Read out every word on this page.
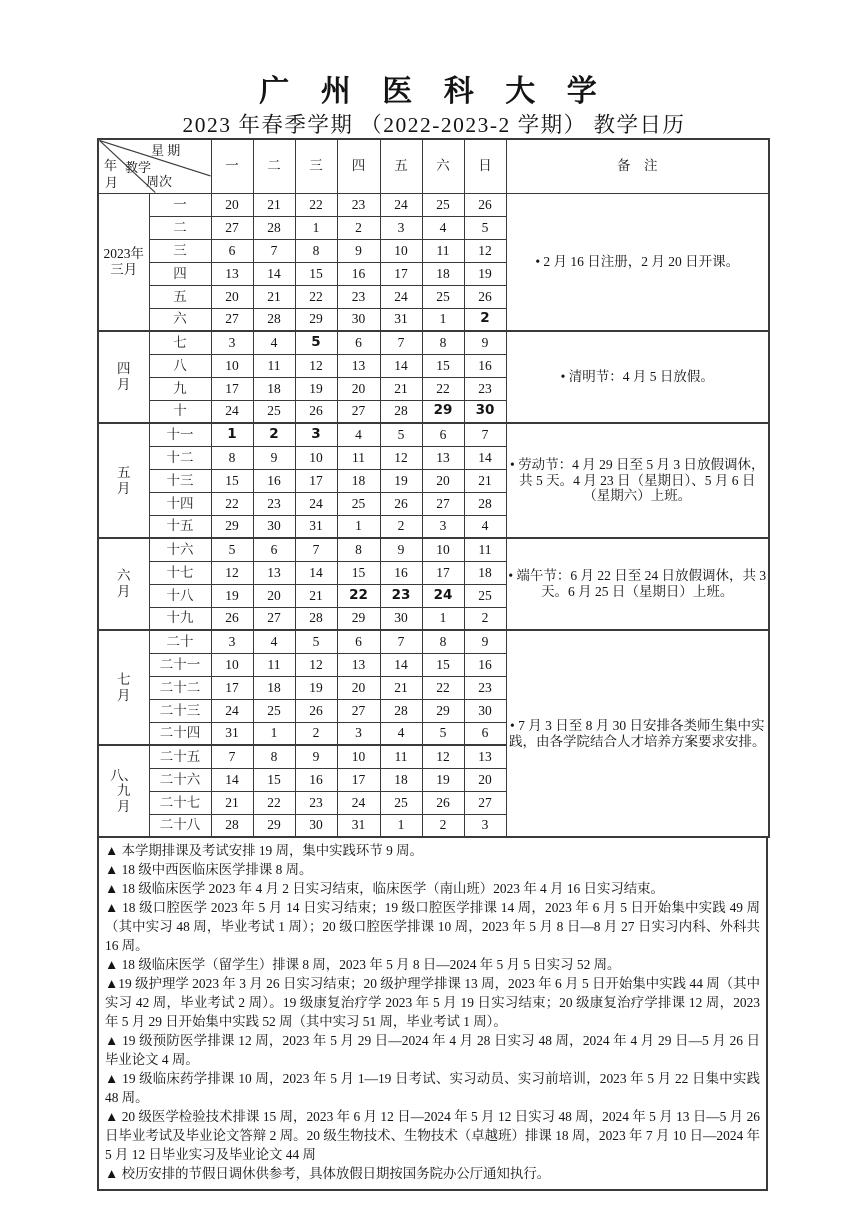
广 州 医 科 大 学
2023 年春季学期 （2022-2023-2 学期） 教学日历
星 期
年 教学
月 周次		一	二	三	四	五	六	日	备　注

2023年
三月	一	20	21	22	23	24	25	26	• 2 月 16 日注册，2 月 20 日开课。
	二	27	28	1	2	3	4	5	
	三	6	7	8	9	10	11	12	
	四	13	14	15	16	17	18	19	
	五	20	21	22	23	24	25	26	
	六	27	28	29	30	31	1	2	

四
月	七	3	4	5	6	7	8	9	• 清明节：4 月 5 日放假。
	八	10	11	12	13	14	15	16	
	九	17	18	19	20	21	22	23	
	十	24	25	26	27	28	29	30	

五
月	十一	1	2	3	4	5	6	7	• 劳动节：4 月 29 日至 5 月 3 日放假调休，共 5 天。4 月 23 日（星期日）、5 月 6 日（星期六）上班。
	十二	8	9	10	11	12	13	14	
	十三	15	16	17	18	19	20	21	
	十四	22	23	24	25	26	27	28	
	十五	29	30	31	1	2	3	4	

六
月	十六	5	6	7	8	9	10	11	• 端午节：6 月 22 日至 24 日放假调休，共 3 天。6 月 25 日（星期日）上班。
	十七	12	13	14	15	16	17	18	
	十八	19	20	21	22	23	24	25	
	十九	26	27	28	29	30	1	2	

七
月	二十	3	4	5	6	7	8	9	• 7 月 3 日至 8 月 30 日安排各类师生集中实践，由各学院结合人才培养方案要求安排。
	二十一	10	11	12	13	14	15	16	
	二十二	17	18	19	20	21	22	23	
	二十三	24	25	26	27	28	29	30	
	二十四	31	1	2	3	4	5	6	

八、
九
月	二十五	7	8	9	10	11	12	13	
	二十六	14	15	16	17	18	19	20	
	二十七	21	22	23	24	25	26	27	
	二十八	28	29	30	31	1	2	3	

▲ 本学期排课及考试安排 19 周，集中实践环节 9 周。

▲ 18 级中西医临床医学排课 8 周。

▲ 18 级临床医学 2023 年 4 月 2 日实习结束，临床医学（南山班）2023 年 4 月 16 日实习结束。

▲ 18 级口腔医学 2023 年 5 月 14 日实习结束；19 级口腔医学排课 14 周，2023 年 6 月 5 日开始集中实践 49 周（其中实习 48 周，毕业考试 1 周）；20 级口腔医学排课 10 周，2023 年 5 月 8 日—8 月 27 日实习内科、外科共 16 周。

▲ 18 级临床医学（留学生）排课 8 周，2023 年 5 月 8 日—2024 年 5 月 5 日实习 52 周。

▲19 级护理学 2023 年 3 月 26 日实习结束；20 级护理学排课 13 周，2023 年 6 月 5 日开始集中实践 44 周（其中实习 42 周，毕业考试 2 周）。19 级康复治疗学 2023 年 5 月 19 日实习结束；20 级康复治疗学排课 12 周，2023 年 5 月 29 日开始集中实践 52 周（其中实习 51 周，毕业考试 1 周）。

▲ 19 级预防医学排课 12 周，2023 年 5 月 29 日—2024 年 4 月 28 日实习 48 周，2024 年 4 月 29 日—5 月 26 日毕业论文 4 周。

▲ 19 级临床药学排课 10 周，2023 年 5 月 1—19 日考试、实习动员、实习前培训，2023 年 5 月 22 日集中实践 48 周。

▲ 20 级医学检验技术排课 15 周，2023 年 6 月 12 日—2024 年 5 月 12 日实习 48 周，2024 年 5 月 13 日—5 月 26 日毕业考试及毕业论文答辩 2 周。20 级生物技术、生物技术（卓越班）排课 18 周，2023 年 7 月 10 日—2024 年 5 月 12 日毕业实习及毕业论文 44 周

▲ 校历安排的节假日调休供参考，具体放假日期按国务院办公厅通知执行。
